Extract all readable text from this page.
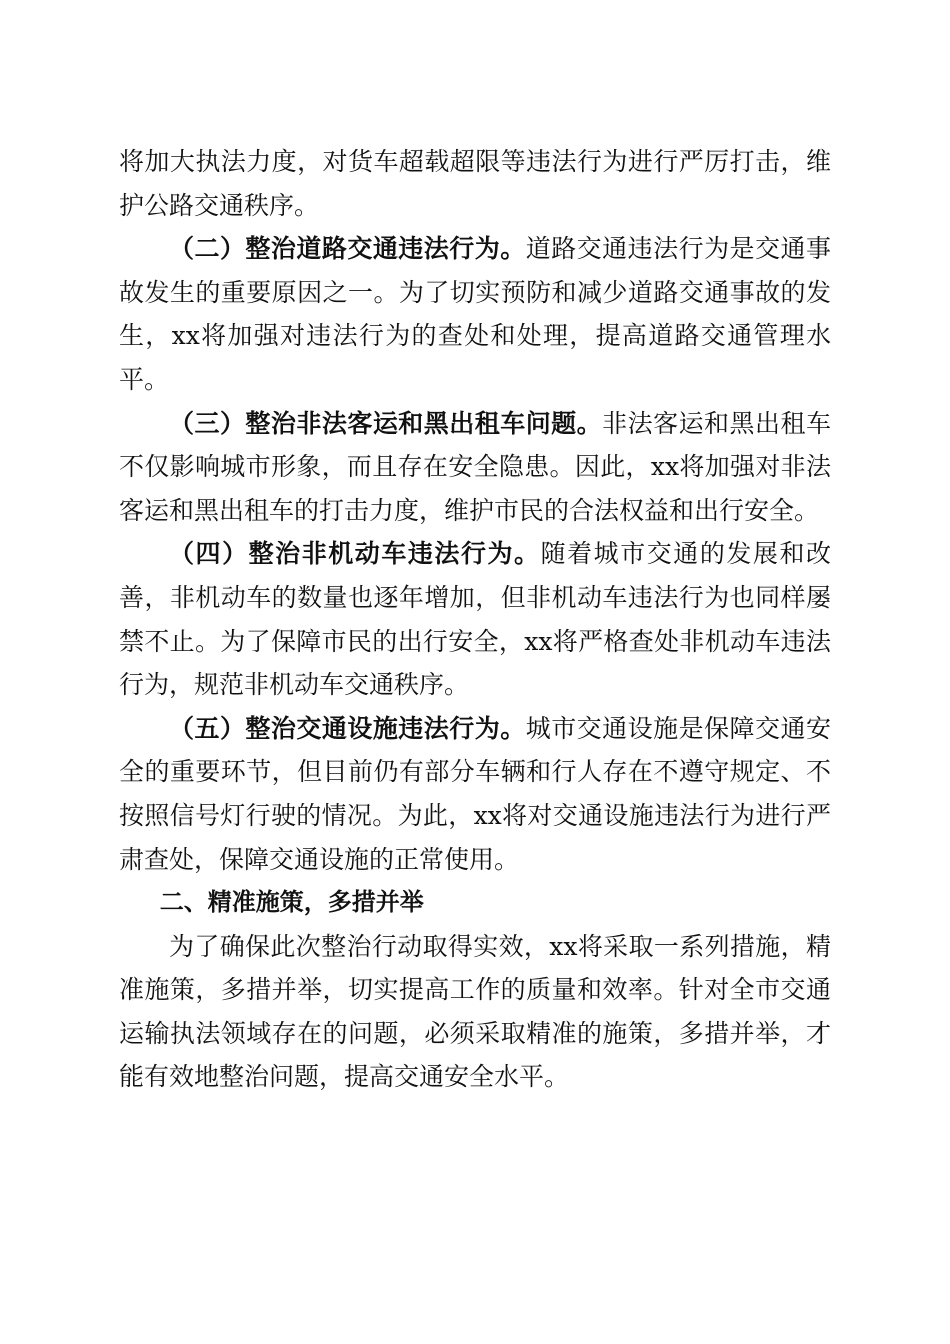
将加大执法力度，对货车超载超限等违法行为进行严厉打击，维护公路交通秩序。

（二）整治道路交通违法行为。道路交通违法行为是交通事故发生的重要原因之一。为了切实预防和减少道路交通事故的发生，xx将加强对违法行为的查处和处理，提高道路交通管理水平。

（三）整治非法客运和黑出租车问题。非法客运和黑出租车不仅影响城市形象，而且存在安全隐患。因此，xx将加强对非法客运和黑出租车的打击力度，维护市民的合法权益和出行安全。

（四）整治非机动车违法行为。随着城市交通的发展和改善，非机动车的数量也逐年增加，但非机动车违法行为也同样屡禁不止。为了保障市民的出行安全，xx将严格查处非机动车违法行为，规范非机动车交通秩序。

（五）整治交通设施违法行为。城市交通设施是保障交通安全的重要环节，但目前仍有部分车辆和行人存在不遵守规定、不按照信号灯行驶的情况。为此，xx将对交通设施违法行为进行严肃查处，保障交通设施的正常使用。

二、精准施策，多措并举

为了确保此次整治行动取得实效，xx将采取一系列措施，精准施策，多措并举，切实提高工作的质量和效率。针对全市交通运输执法领域存在的问题，必须采取精准的施策，多措并举，才能有效地整治问题，提高交通安全水平。
